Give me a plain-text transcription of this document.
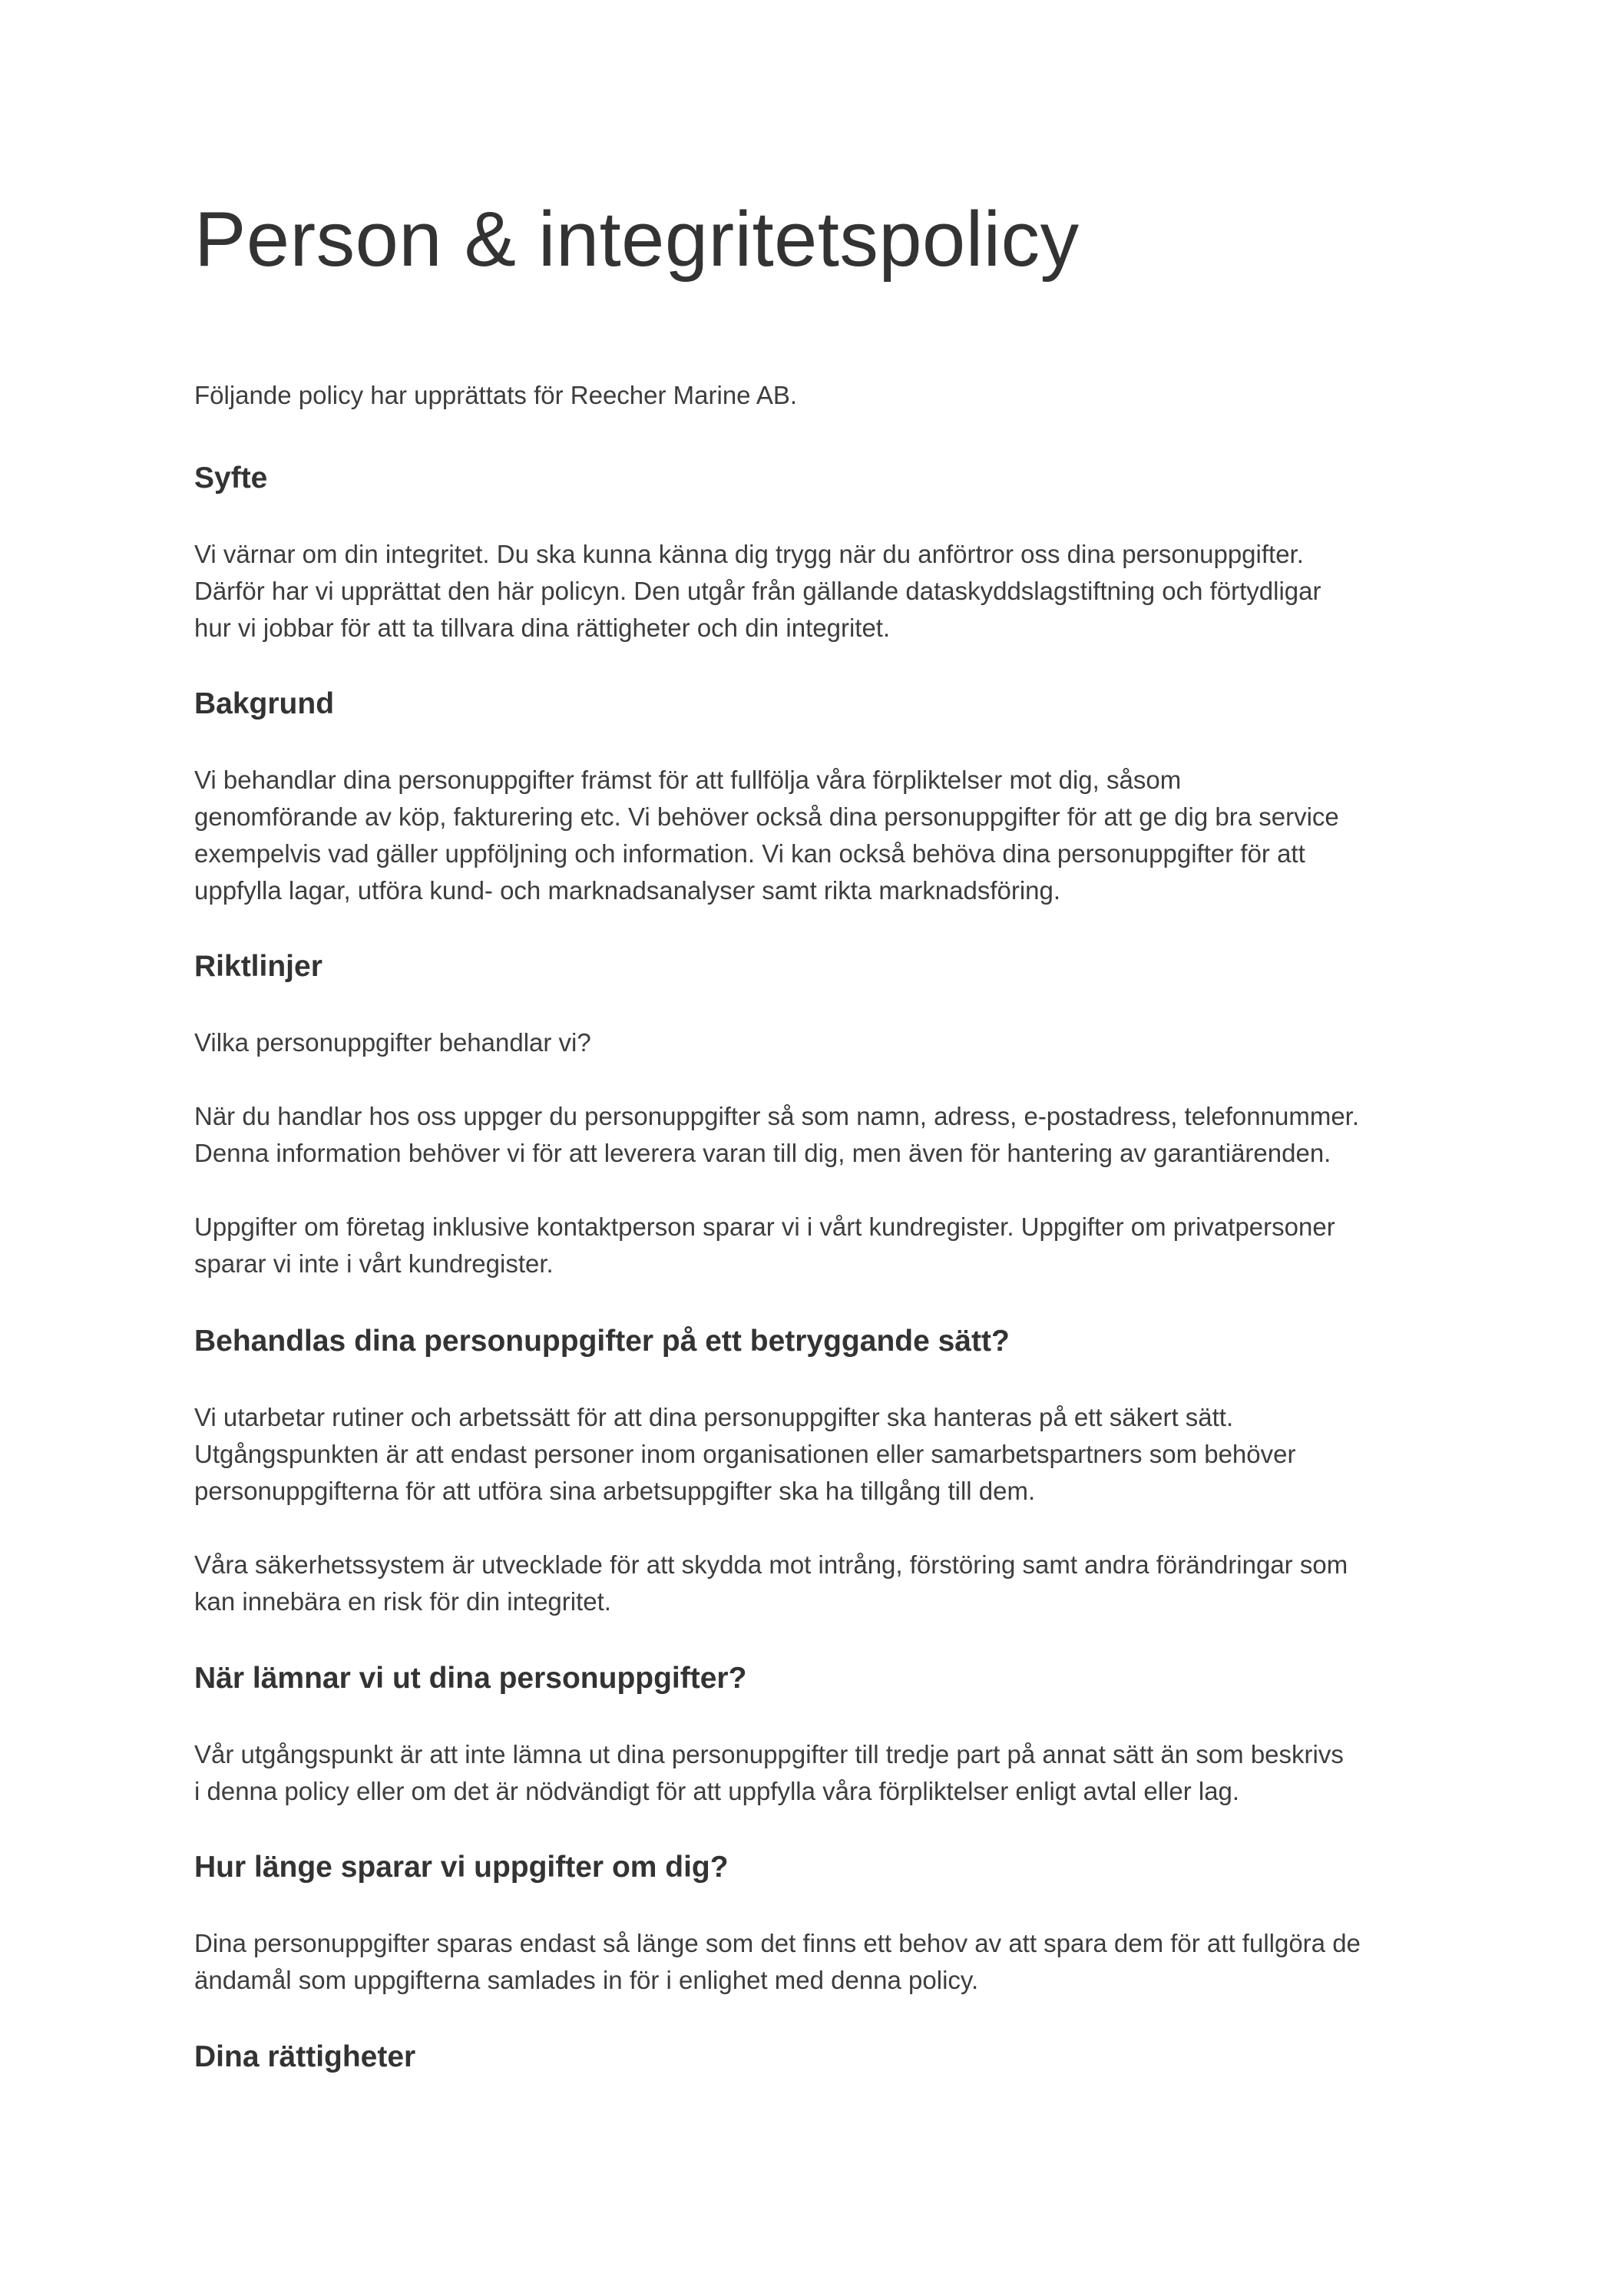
Person & integritetspolicy

Följande policy har upprättats för Reecher Marine AB.

Syfte

Vi värnar om din integritet. Du ska kunna känna dig trygg när du anförtror oss dina personuppgifter.
Därför har vi upprättat den här policyn. Den utgår från gällande dataskyddslagstiftning och förtydligar
hur vi jobbar för att ta tillvara dina rättigheter och din integritet.

Bakgrund

Vi behandlar dina personuppgifter främst för att fullfölja våra förpliktelser mot dig, såsom
genomförande av köp, fakturering etc. Vi behöver också dina personuppgifter för att ge dig bra service
exempelvis vad gäller uppföljning och information. Vi kan också behöva dina personuppgifter för att
uppfylla lagar, utföra kund- och marknadsanalyser samt rikta marknadsföring.

Riktlinjer

Vilka personuppgifter behandlar vi?

När du handlar hos oss uppger du personuppgifter så som namn, adress, e-postadress, telefonnummer.
Denna information behöver vi för att leverera varan till dig, men även för hantering av garantiärenden.

Uppgifter om företag inklusive kontaktperson sparar vi i vårt kundregister. Uppgifter om privatpersoner
sparar vi inte i vårt kundregister.

Behandlas dina personuppgifter på ett betryggande sätt?

Vi utarbetar rutiner och arbetssätt för att dina personuppgifter ska hanteras på ett säkert sätt.
Utgångspunkten är att endast personer inom organisationen eller samarbetspartners som behöver
personuppgifterna för att utföra sina arbetsuppgifter ska ha tillgång till dem.

Våra säkerhetssystem är utvecklade för att skydda mot intrång, förstöring samt andra förändringar som
kan innebära en risk för din integritet.

När lämnar vi ut dina personuppgifter?

Vår utgångspunkt är att inte lämna ut dina personuppgifter till tredje part på annat sätt än som beskrivs
i denna policy eller om det är nödvändigt för att uppfylla våra förpliktelser enligt avtal eller lag.

Hur länge sparar vi uppgifter om dig?

Dina personuppgifter sparas endast så länge som det finns ett behov av att spara dem för att fullgöra de
ändamål som uppgifterna samlades in för i enlighet med denna policy.

Dina rättigheter
